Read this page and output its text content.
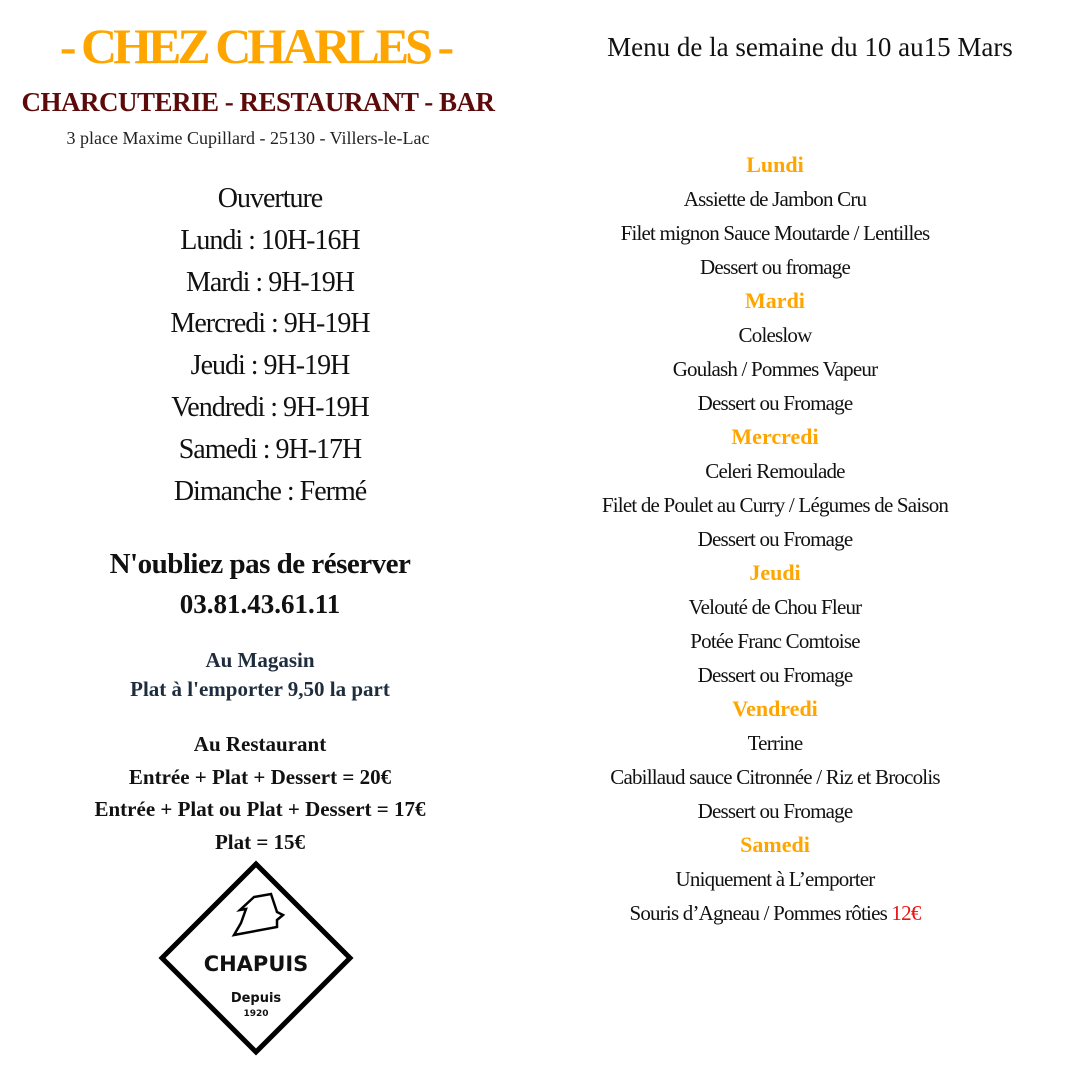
- CHEZ CHARLES -
CHARCUTERIE - RESTAURANT - BAR
3 place Maxime Cupillard - 25130 - Villers-le-Lac
Menu de la semaine du 10 au15 Mars
Ouverture
Lundi : 10H-16H
Mardi : 9H-19H
Mercredi : 9H-19H
Jeudi : 9H-19H
Vendredi : 9H-19H
Samedi : 9H-17H
Dimanche : Fermé
N'oubliez pas de réserver
03.81.43.61.11
Au Magasin
Plat à l'emporter 9,50 la part
Au Restaurant
Entrée + Plat + Dessert = 20€
Entrée + Plat ou Plat + Dessert = 17€
Plat = 15€
CHAPUIS
Depuis
1920
Lundi
Assiette de Jambon Cru
Filet mignon Sauce Moutarde / Lentilles
Dessert ou fromage
Mardi
Coleslow
Goulash / Pommes Vapeur
Dessert ou Fromage
Mercredi
Celeri Remoulade
Filet de Poulet au Curry / Légumes de Saison
Dessert ou Fromage
Jeudi
Velouté de Chou Fleur
Potée Franc Comtoise
Dessert ou Fromage
Vendredi
Terrine
Cabillaud sauce Citronnée / Riz et Brocolis
Dessert ou Fromage
Samedi
Uniquement à L’emporter
Souris d’Agneau / Pommes rôties 12€
